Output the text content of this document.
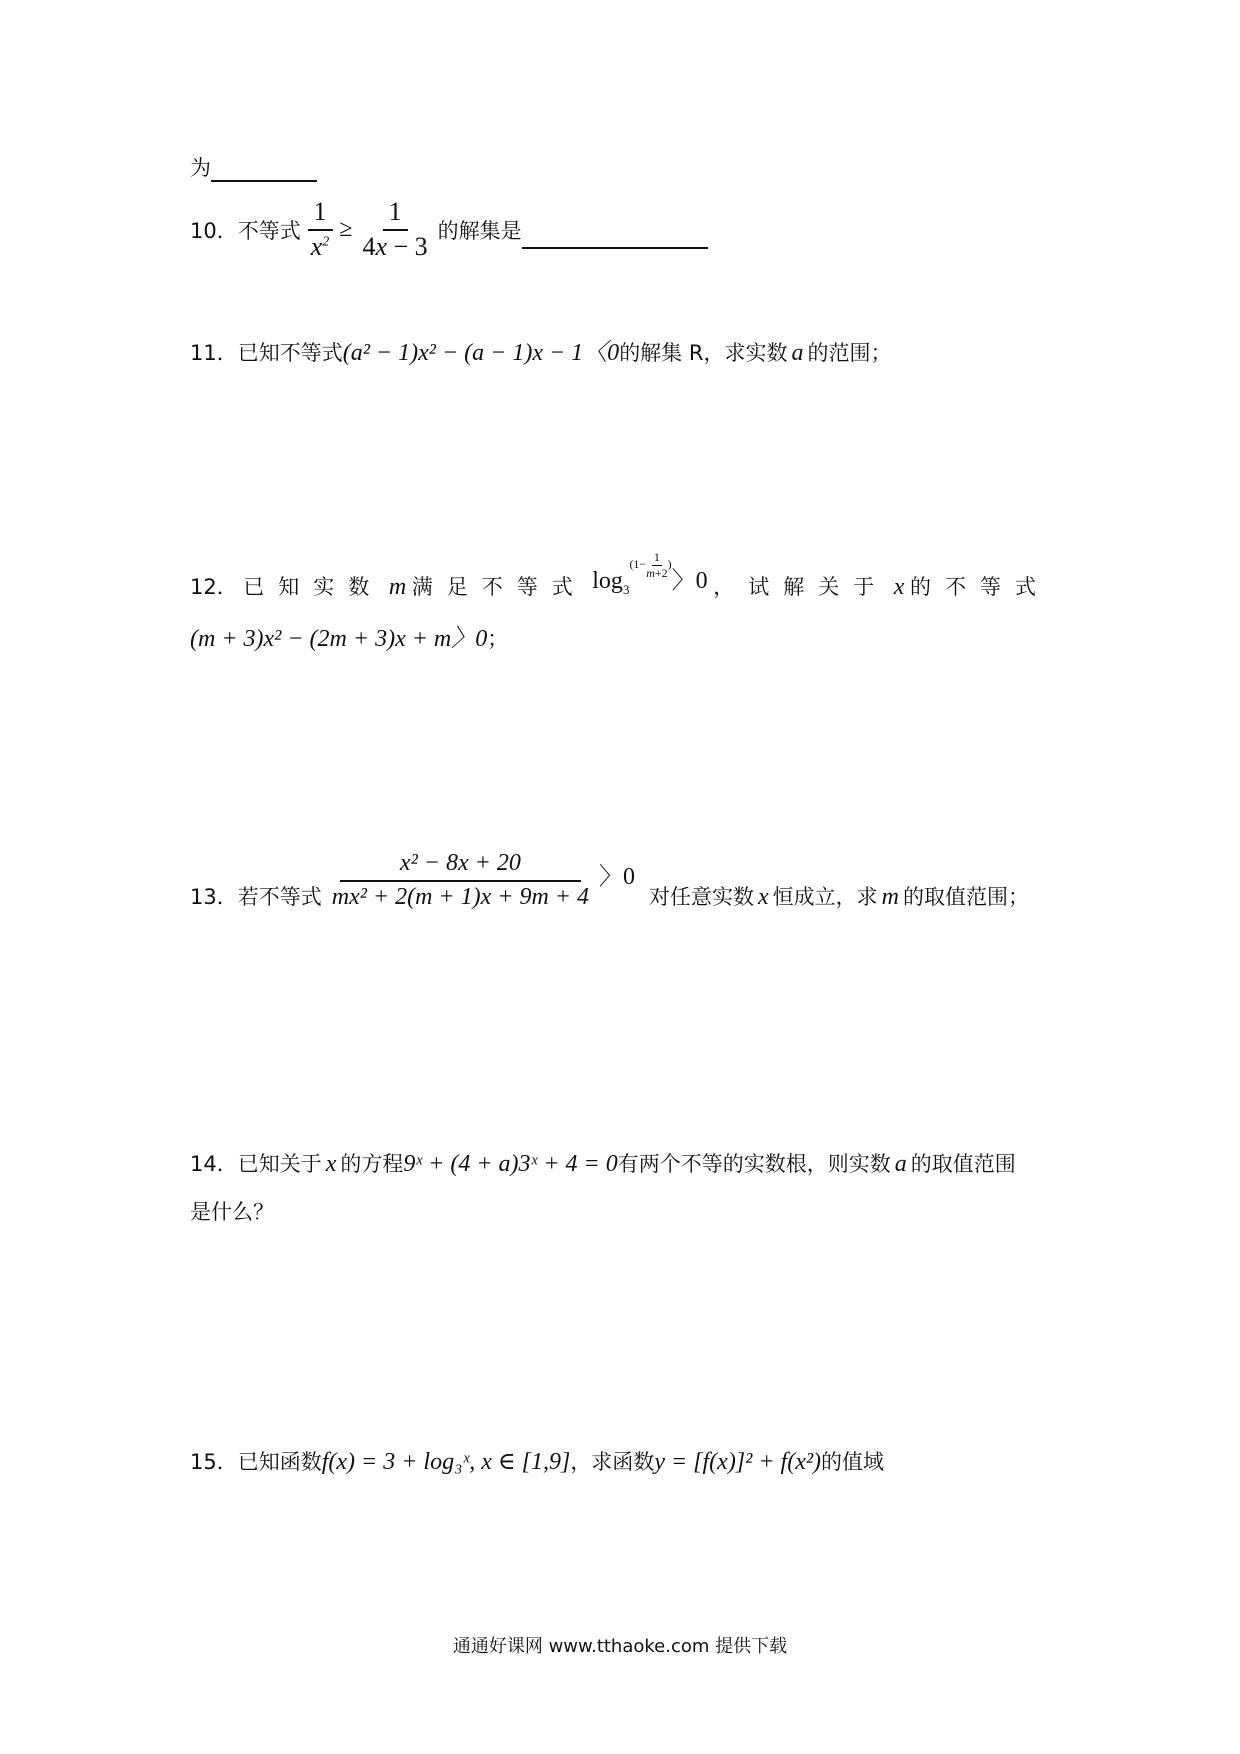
为
10． 不等式 $\frac{1}{x^2} \ge \frac{1}{4x - 3}$ 的解集是
11． 已知不等式 (a² − 1)x² − (a − 1)x − 1〈0 的解集 R，求实数 a 的范围；
12． 已知实数 m 满足不等式 $\log_3^{(1- \frac{1}{m+2} )}$〉0 ，试解关于 x 的不等式
(m + 3)x² − (2m + 3)x + m〉0 ；
13． 若不等式 $\frac{\text{x² − 8x + 20}}{\text{mx² + 2(m + 1)x + 9m + 4}}$ 〉0
对任意实数 x 恒成立，求 m 的取值范围；
14． 已知关于 x 的方程 9ˣ + (4 + a)3ˣ + 4 = 0 有两个不等的实数根，则实数 a 的取值范围
是什么？
15． 已知函数 f(x) = 3 + log₃ˣ, x ∈ [1,9] ，求函数 y = [f(x)]² + f(x²) 的值域
通通好课网 www.tthaoke.com 提供下载
